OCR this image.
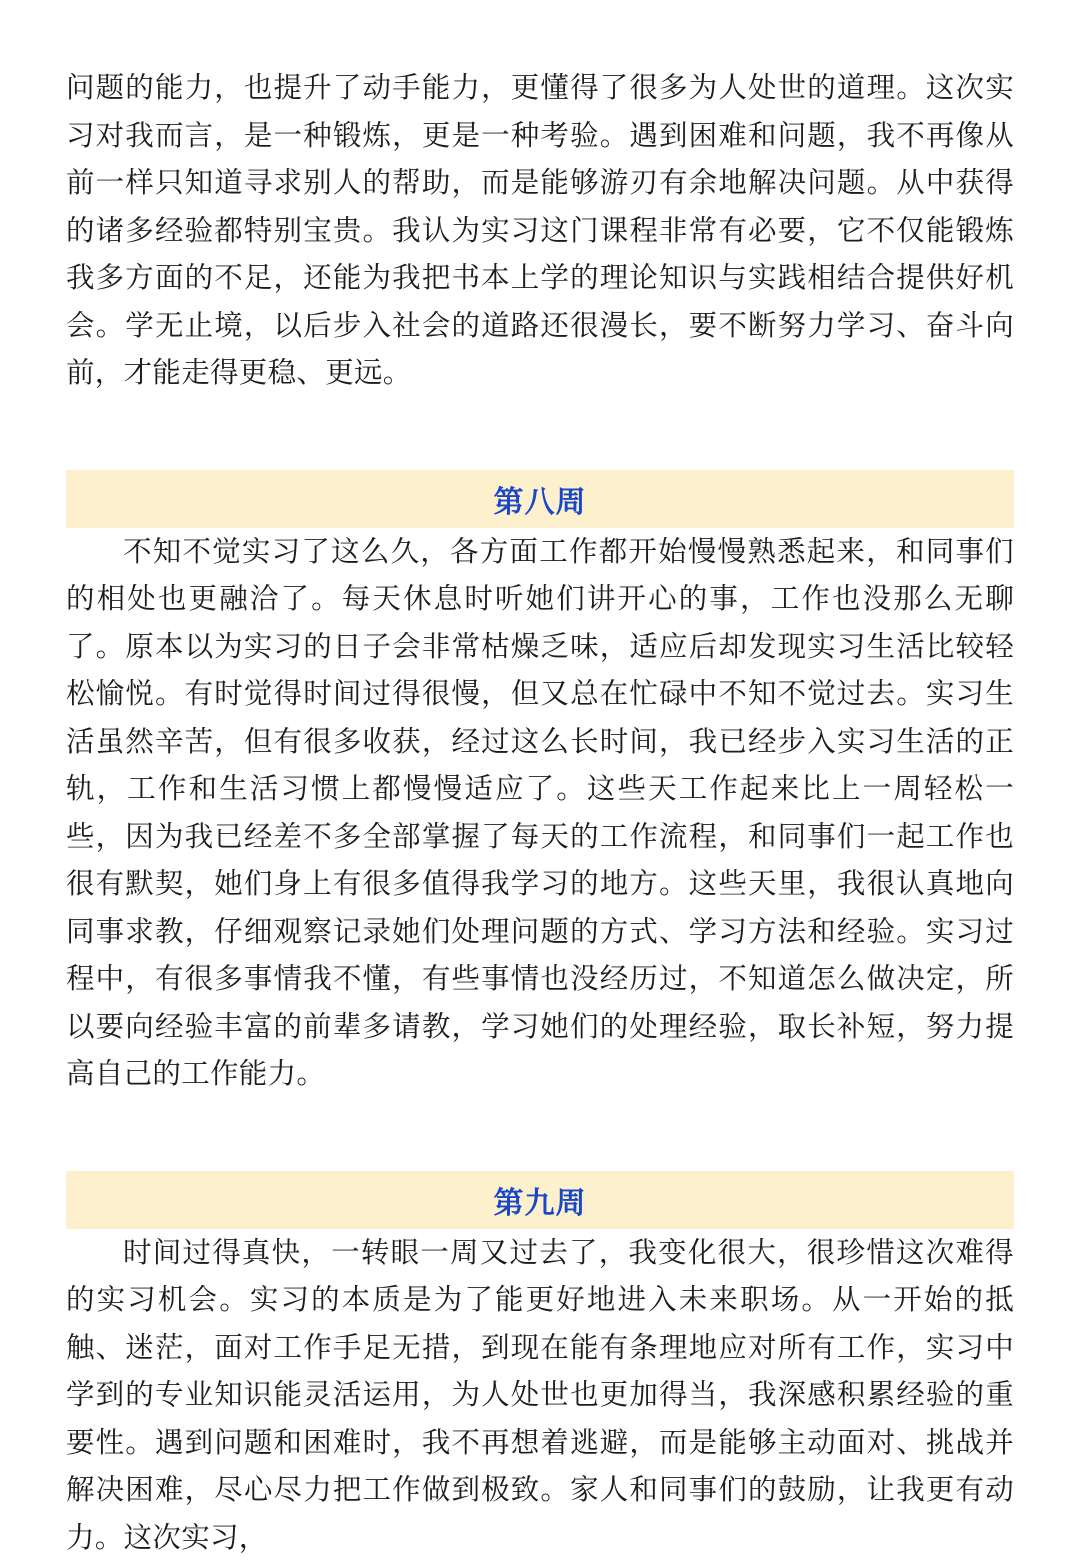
问题的能力，也提升了动手能力，更懂得了很多为人处世的道理。这次实习对我而言，是一种锻炼，更是一种考验。遇到困难和问题，我不再像从前一样只知道寻求别人的帮助，而是能够游刃有余地解决问题。从中获得的诸多经验都特别宝贵。我认为实习这门课程非常有必要，它不仅能锻炼我多方面的不足，还能为我把书本上学的理论知识与实践相结合提供好机会。学无止境，以后步入社会的道路还很漫长，要不断努力学习、奋斗向前，才能走得更稳、更远。

第八周

不知不觉实习了这么久，各方面工作都开始慢慢熟悉起来，和同事们的相处也更融洽了。每天休息时听她们讲开心的事，工作也没那么无聊了。原本以为实习的日子会非常枯燥乏味，适应后却发现实习生活比较轻松愉悦。有时觉得时间过得很慢，但又总在忙碌中不知不觉过去。实习生活虽然辛苦，但有很多收获，经过这么长时间，我已经步入实习生活的正轨，工作和生活习惯上都慢慢适应了。这些天工作起来比上一周轻松一些，因为我已经差不多全部掌握了每天的工作流程，和同事们一起工作也很有默契，她们身上有很多值得我学习的地方。这些天里，我很认真地向同事求教，仔细观察记录她们处理问题的方式、学习方法和经验。实习过程中，有很多事情我不懂，有些事情也没经历过，不知道怎么做决定，所以要向经验丰富的前辈多请教，学习她们的处理经验，取长补短，努力提高自己的工作能力。

第九周

时间过得真快，一转眼一周又过去了，我变化很大，很珍惜这次难得的实习机会。实习的本质是为了能更好地进入未来职场。从一开始的抵触、迷茫，面对工作手足无措，到现在能有条理地应对所有工作，实习中学到的专业知识能灵活运用，为人处世也更加得当，我深感积累经验的重要性。遇到问题和困难时，我不再想着逃避，而是能够主动面对、挑战并解决困难，尽心尽力把工作做到极致。家人和同事们的鼓励，让我更有动力。这次实习，
